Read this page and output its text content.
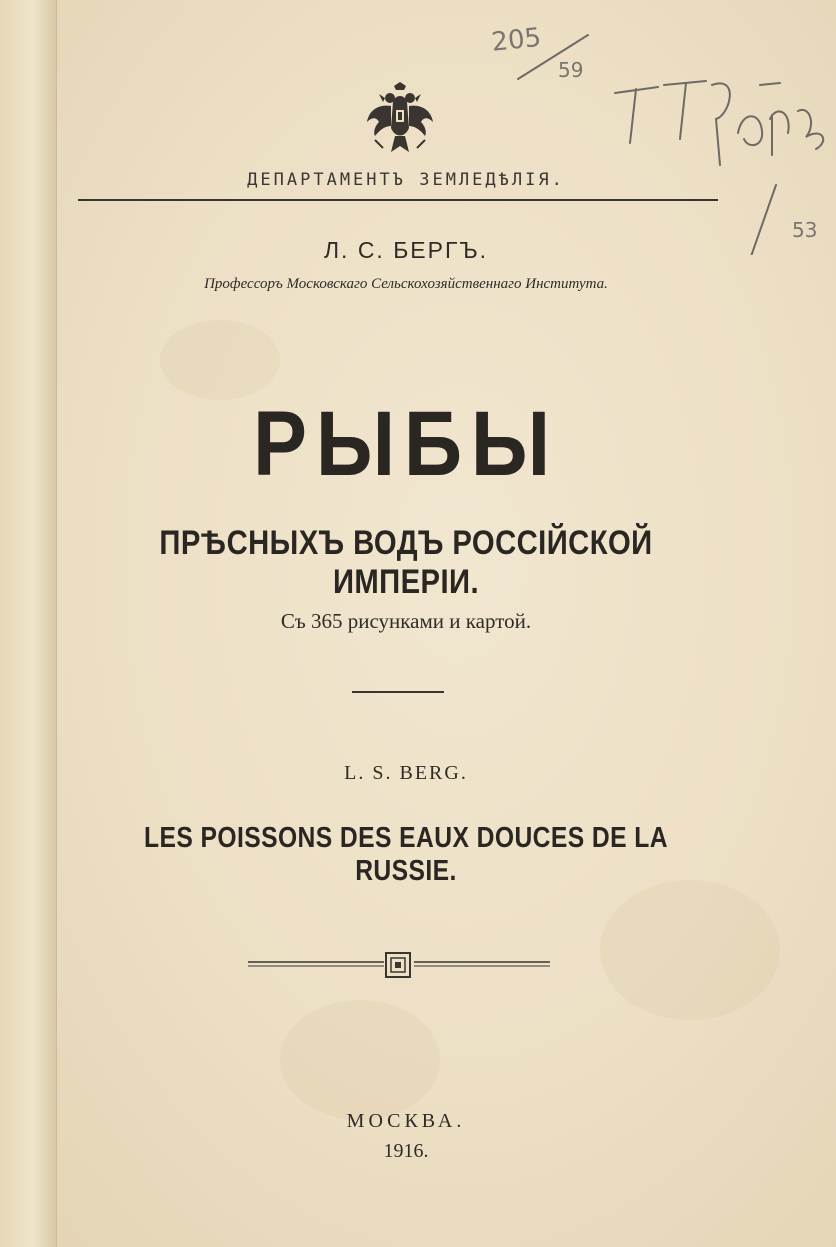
205
59
53
ДЕПАРТАМЕНТЪ ЗЕМЛЕДѢЛІЯ.
Л. С. БЕРГЪ.
Профессоръ Московскаго Сельскохозяйственнаго Института.
РЫБЫ
ПРѢСНЫХЪ ВОДЪ РОССІЙСКОЙ ИМПЕРІИ.
Съ 365 рисунками и картой.
L. S. BERG.
LES POISSONS DES EAUX DOUCES DE LA RUSSIE.
МОСКВА.
1916.
